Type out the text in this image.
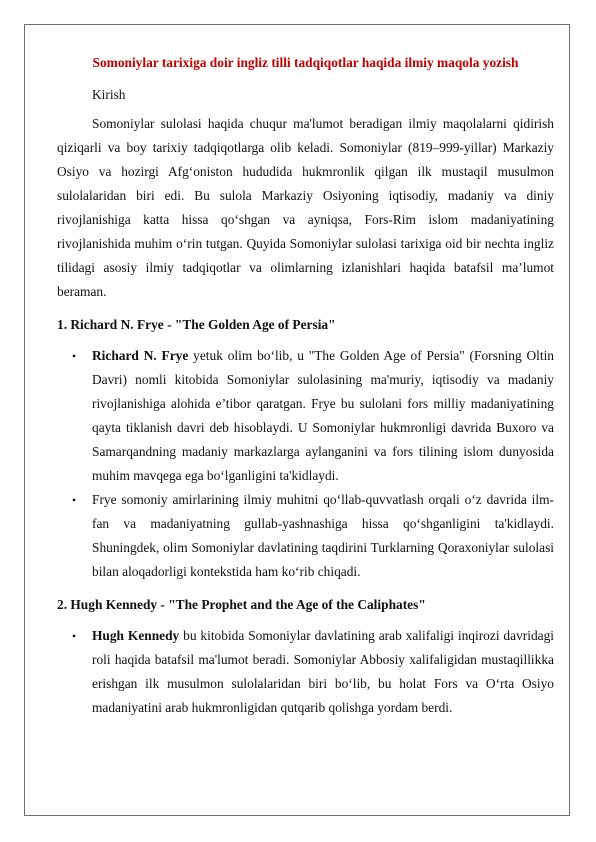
Somoniylar tarixiga doir ingliz tilli tadqiqotlar haqida ilmiy maqola yozish

Kirish

Somoniylar sulolasi haqida chuqur ma'lumot beradigan ilmiy maqolalarni qidirish qiziqarli va boy tarixiy tadqiqotlarga olib keladi. Somoniylar (819–999-yillar) Markaziy Osiyo va hozirgi Afg‘oniston hududida hukmronlik qilgan ilk mustaqil musulmon sulolalaridan biri edi. Bu sulola Markaziy Osiyoning iqtisodiy, madaniy va diniy rivojlanishiga katta hissa qo‘shgan va ayniqsa, Fors-Rim islom madaniyatining rivojlanishida muhim o‘rin tutgan. Quyida Somoniylar sulolasi tarixiga oid bir nechta ingliz tilidagi asosiy ilmiy tadqiqotlar va olimlarning izlanishlari haqida batafsil ma’lumot beraman.

1. Richard N. Frye - "The Golden Age of Persia"

• Richard N. Frye yetuk olim bo‘lib, u "The Golden Age of Persia" (Forsning Oltin Davri) nomli kitobida Somoniylar sulolasining ma'muriy, iqtisodiy va madaniy rivojlanishiga alohida e’tibor qaratgan. Frye bu sulolani fors milliy madaniyatining qayta tiklanish davri deb hisoblaydi. U Somoniylar hukmronligi davrida Buxoro va Samarqandning madaniy markazlarga aylanganini va fors tilining islom dunyosida muhim mavqega ega bo‘lganligini ta'kidlaydi.
• Frye somoniy amirlarining ilmiy muhitni qo‘llab-quvvatlash orqali o‘z davrida ilm-fan va madaniyatning gullab-yashnashiga hissa qo‘shganligini ta'kidlaydi. Shuningdek, olim Somoniylar davlatining taqdirini Turklarning Qoraxoniylar sulolasi bilan aloqadorligi kontekstida ham ko‘rib chiqadi.

2. Hugh Kennedy - "The Prophet and the Age of the Caliphates"

• Hugh Kennedy bu kitobida Somoniylar davlatining arab xalifaligi inqirozi davridagi roli haqida batafsil ma'lumot beradi. Somoniylar Abbosiy xalifaligidan mustaqillikka erishgan ilk musulmon sulolalaridan biri bo‘lib, bu holat Fors va O‘rta Osiyo madaniyatini arab hukmronligidan qutqarib qolishga yordam berdi.
